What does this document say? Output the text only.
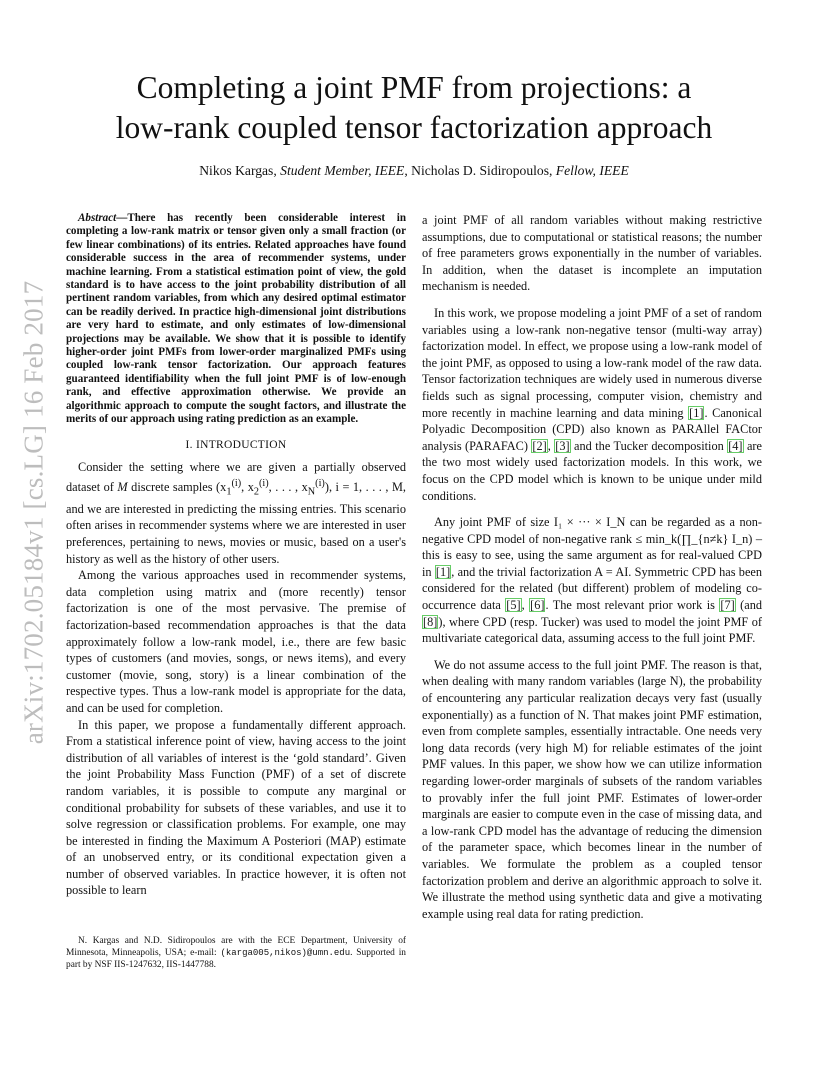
arXiv:1702.05184v1 [cs.LG] 16 Feb 2017
Completing a joint PMF from projections: a
low-rank coupled tensor factorization approach
Nikos Kargas, Student Member, IEEE, Nicholas D. Sidiropoulos, Fellow, IEEE

Abstract—There has recently been considerable interest in completing a low-rank matrix or tensor given only a small fraction (or few linear combinations) of its entries. Related approaches have found considerable success in the area of recommender systems, under machine learning. From a statistical estimation point of view, the gold standard is to have access to the joint probability distribution of all pertinent random variables, from which any desired optimal estimator can be readily derived. In practice high-dimensional joint distributions are very hard to estimate, and only estimates of low-dimensional projections may be available. We show that it is possible to identify higher-order joint PMFs from lower-order marginalized PMFs using coupled low-rank tensor factorization. Our approach features guaranteed identifiability when the full joint PMF is of low-enough rank, and effective approximation otherwise. We provide an algorithmic approach to compute the sought factors, and illustrate the merits of our approach using rating prediction as an example.

I. INTRODUCTION

Consider the setting where we are given a partially observed dataset of M discrete samples ($x_1^{(i)}$, $x_2^{(i)}$, . . . , $x_N^{(i)}$), i = 1, . . . , M, and we are interested in predicting the missing entries. This scenario often arises in recommender systems where we are interested in user preferences, pertaining to news, movies or music, based on a user's history as well as the history of other users.

Among the various approaches used in recommender systems, data completion using matrix and (more recently) tensor factorization is one of the most pervasive. The premise of factorization-based recommendation approaches is that the data approximately follow a low-rank model, i.e., there are few basic types of customers (and movies, songs, or news items), and every customer (movie, song, story) is a linear combination of the respective types. Thus a low-rank model is appropriate for the data, and can be used for completion.

In this paper, we propose a fundamentally different approach. From a statistical inference point of view, having access to the joint distribution of all variables of interest is the ‘gold standard’. Given the joint Probability Mass Function (PMF) of a set of discrete random variables, it is possible to compute any marginal or conditional probability for subsets of these variables, and use it to solve regression or classification problems. For example, one may be interested in finding the Maximum A Posteriori (MAP) estimate of an unobserved entry, or its conditional expectation given a number of observed variables. In practice however, it is often not possible to learn

N. Kargas and N.D. Sidiropoulos are with the ECE Department, University of Minnesota, Minneapolis, USA; e-mail: (karga005,nikos)@umn.edu. Supported in part by NSF IIS-1247632, IIS-1447788.

a joint PMF of all random variables without making restrictive assumptions, due to computational or statistical reasons; the number of free parameters grows exponentially in the number of variables. In addition, when the dataset is incomplete an imputation mechanism is needed.

In this work, we propose modeling a joint PMF of a set of random variables using a low-rank non-negative tensor (multi-way array) factorization model. In effect, we propose using a low-rank model of the joint PMF, as opposed to using a low-rank model of the raw data. Tensor factorization techniques are widely used in numerous diverse fields such as signal processing, computer vision, chemistry and more recently in machine learning and data mining [1]. Canonical Polyadic Decomposition (CPD) also known as PARAllel FACtor analysis (PARAFAC) [2], [3] and the Tucker decomposition [4] are the two most widely used factorization models. In this work, we focus on the CPD model which is known to be unique under mild conditions.

Any joint PMF of size I₁ × ··· × I_N can be regarded as a non-negative CPD model of non-negative rank ≤ min_k(∏_{n≠k} I_n) – this is easy to see, using the same argument as for real-valued CPD in [1], and the trivial factorization A = AI. Symmetric CPD has been considered for the related (but different) problem of modeling co-occurrence data [5], [6]. The most relevant prior work is [7] (and [8]), where CPD (resp. Tucker) was used to model the joint PMF of multivariate categorical data, assuming access to the full joint PMF.

We do not assume access to the full joint PMF. The reason is that, when dealing with many random variables (large N), the probability of encountering any particular realization decays very fast (usually exponentially) as a function of N. That makes joint PMF estimation, even from complete samples, essentially intractable. One needs very long data records (very high M) for reliable estimates of the joint PMF values. In this paper, we show how we can utilize information regarding lower-order marginals of subsets of the random variables to provably infer the full joint PMF. Estimates of lower-order marginals are easier to compute even in the case of missing data, and a low-rank CPD model has the advantage of reducing the dimension of the parameter space, which becomes linear in the number of variables. We formulate the problem as a coupled tensor factorization problem and derive an algorithmic approach to solve it. We illustrate the method using synthetic data and give a motivating example using real data for rating prediction.
